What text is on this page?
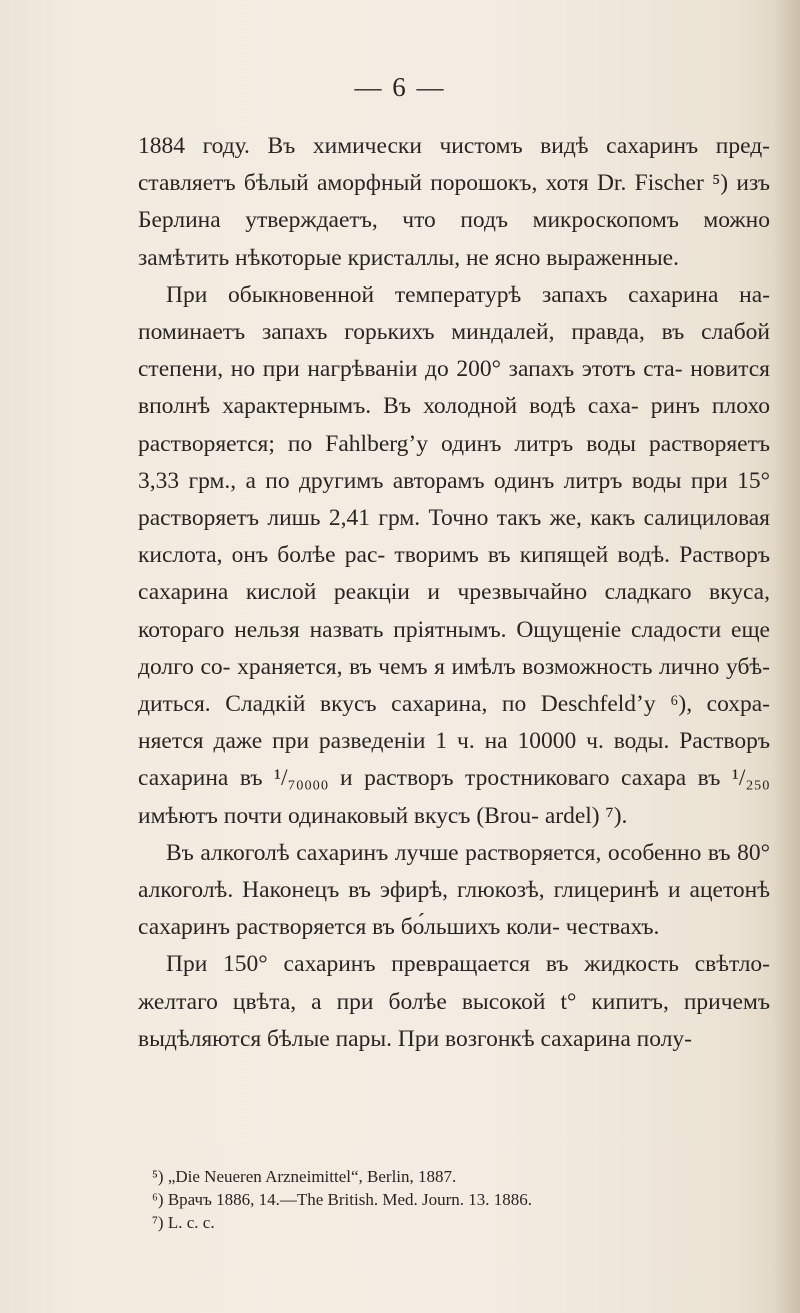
— 6 —

1884 году. Въ химически чистомъ видѣ сахаринъ пред- ставляетъ бѣлый аморфный порошокъ, хотя Dr. Fischer ⁵) изъ Берлина утверждаетъ, что подъ микроскопомъ можно замѣтить нѣкоторые кристаллы, не ясно выраженные.

При обыкновенной температурѣ запахъ сахарина на- поминаетъ запахъ горькихъ миндалей, правда, въ слабой степени, но при нагрѣваніи до 200° запахъ этотъ ста- новится вполнѣ характернымъ. Въ холодной водѣ саха- ринъ плохо растворяется; по Fahlberg’y одинъ литръ воды растворяетъ 3,33 грм., а по другимъ авторамъ одинъ литръ воды при 15° растворяетъ лишь 2,41 грм. Точно такъ же, какъ салициловая кислота, онъ болѣе рас- творимъ въ кипящей водѣ. Растворъ сахарина кислой реакціи и чрезвычайно сладкаго вкуса, котораго нельзя назвать пріятнымъ. Ощущеніе сладости еще долго со- храняется, въ чемъ я имѣлъ возможность лично убѣ- диться. Сладкій вкусъ сахарина, по Deschfeld’y ⁶), сохра- няется даже при разведеніи 1 ч. на 10000 ч. воды. Растворъ сахарина въ ¹/₇₀₀₀₀ и растворъ тростниковаго сахара въ ¹/₂₅₀ имѣютъ почти одинаковый вкусъ (Brou- ardel) ⁷).

Въ алкоголѣ сахаринъ лучше растворяется, особенно въ 80° алкоголѣ. Наконецъ въ эфирѣ, глюкозѣ, глицеринѣ и ацетонѣ сахаринъ растворяется въ бо́льшихъ коли- чествахъ.

При 150° сахаринъ превращается въ жидкость свѣтло- желтаго цвѣта, а при болѣе высокой t° кипитъ, причемъ выдѣляются бѣлые пары. При возгонкѣ сахарина полу-

⁵) „Die Neueren Arzneimittel“, Berlin, 1887.
⁶) Врачъ 1886, 14.—The British. Med. Journ. 13. 1886.
⁷) L. c. c.
